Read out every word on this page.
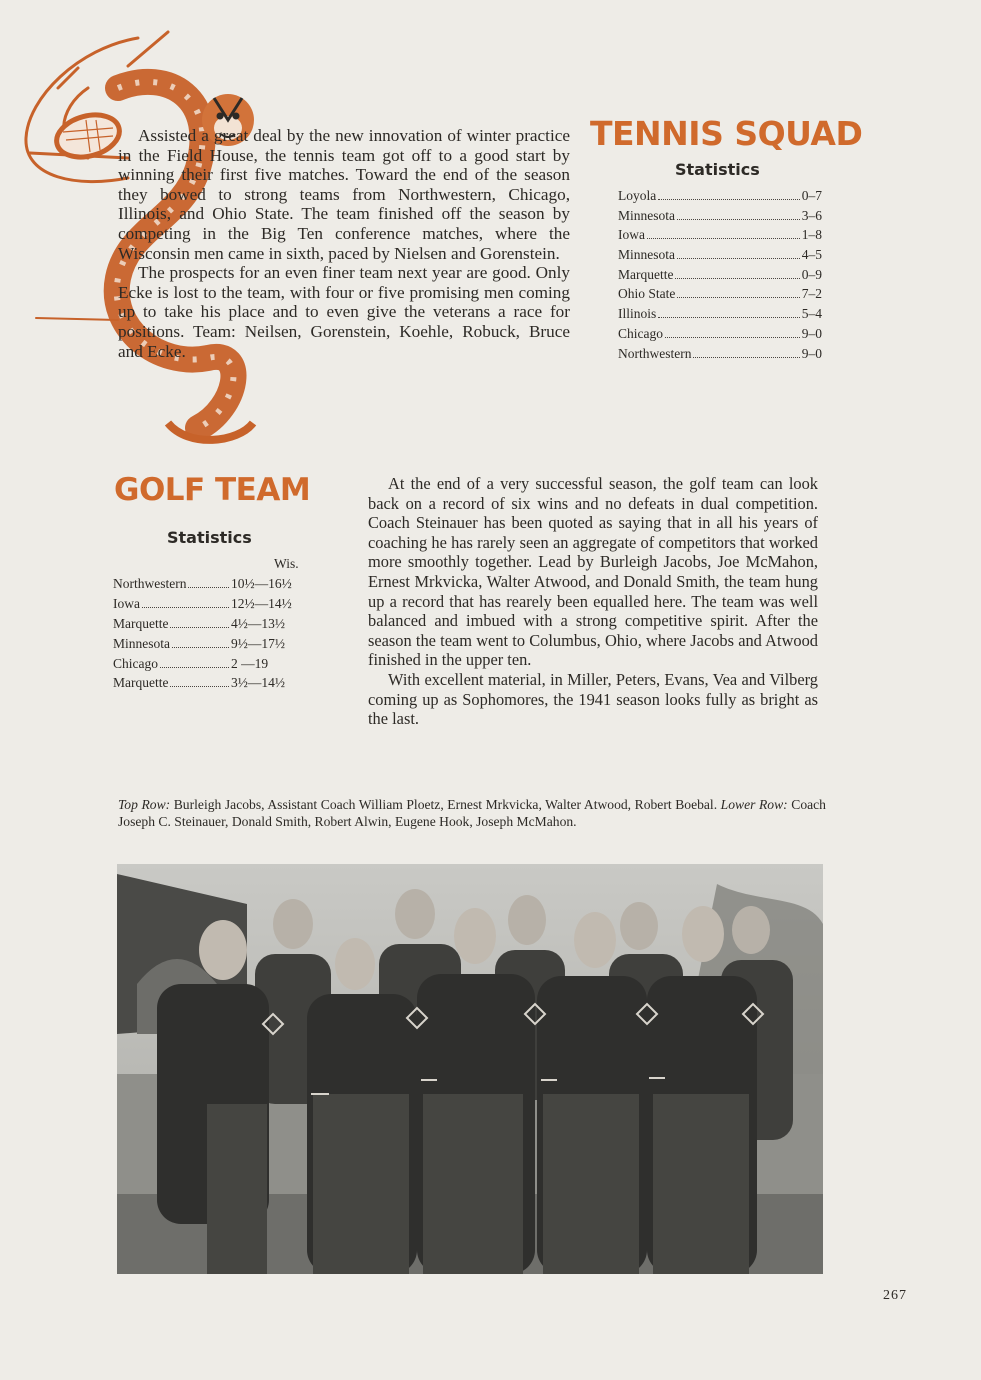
Assisted a great deal by the new innovation of winter practice in the Field House, the tennis team got off to a good start by winning their first five matches. Toward the end of the season they bowed to strong teams from Northwestern, Chicago, Illinois, and Ohio State. The team finished off the season by competing in the Big Ten conference matches, where the Wisconsin men came in sixth, paced by Nielsen and Gorenstein.

The prospects for an even finer team next year are good. Only Ecke is lost to the team, with four or five promising men coming up to take his place and to even give the veterans a race for positions. Team: Neilsen, Gorenstein, Koehle, Robuck, Bruce and Ecke.

TENNIS SQUAD
Statistics
Loyola	0–7
Minnesota	3–6
Iowa	1–8
Minnesota	4–5
Marquette	0–9
Ohio State	7–2
Illinois	5–4
Chicago	9–0
Northwestern	9–0
GOLF TEAM
Statistics
Wis.
Northwestern	10½—16½
Iowa	12½—14½
Marquette	4½—13½
Minnesota	9½—17½
Chicago	2 —19
Marquette	3½—14½

At the end of a very successful season, the golf team can look back on a record of six wins and no defeats in dual competition. Coach Steinauer has been quoted as saying that in all his years of coaching he has rarely seen an aggregate of competitors that worked more smoothly together. Lead by Burleigh Jacobs, Joe McMahon, Ernest Mrkvicka, Walter Atwood, and Donald Smith, the team hung up a record that has rearely been equalled here. The team was well balanced and imbued with a strong competitive spirit. After the season the team went to Columbus, Ohio, where Jacobs and Atwood finished in the upper ten.

With excellent material, in Miller, Peters, Evans, Vea and Vilberg coming up as Sophomores, the 1941 season looks fully as bright as the last.

Top Row: Burleigh Jacobs, Assistant Coach William Ploetz, Ernest Mrkvicka, Walter Atwood, Robert Boebal. Lower Row: Coach Joseph C. Steinauer, Donald Smith, Robert Alwin, Eugene Hook, Joseph McMahon.
267
